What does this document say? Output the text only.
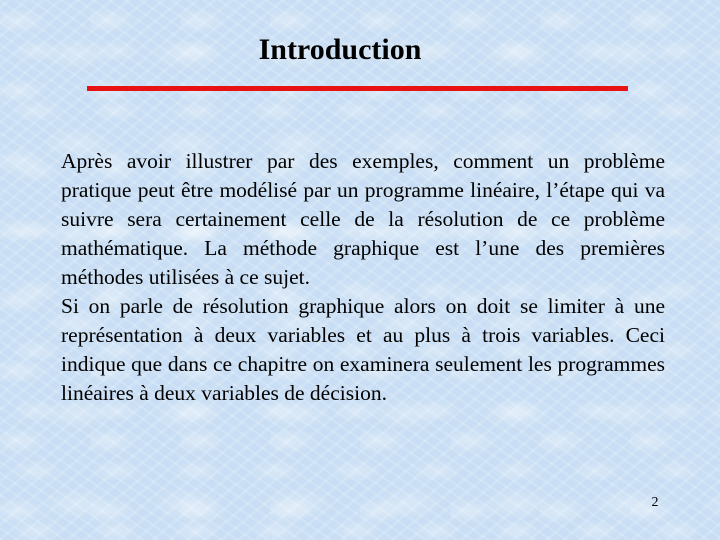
Introduction

Après avoir illustrer par des exemples, comment un problème pratique peut être modélisé par un programme linéaire, l’étape qui va suivre sera certainement celle de la résolution de ce problème mathématique. La méthode graphique est l’une des premières méthodes utilisées à ce sujet.

Si on parle de résolution graphique alors on doit se limiter à une représentation à deux variables et au plus à trois variables. Ceci indique que dans ce chapitre on examinera seulement les programmes linéaires à deux variables de décision.

2
